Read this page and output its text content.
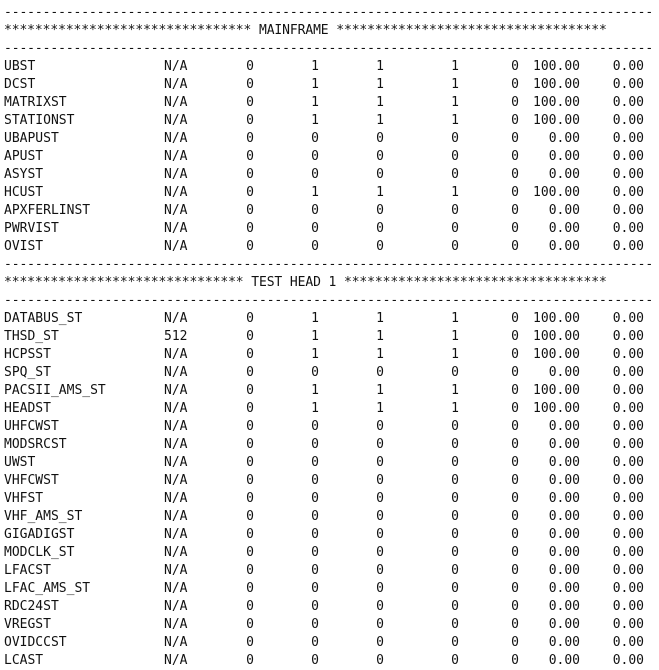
------------------------------------------------------------------------------------
******************************** MAINFRAME ***********************************
------------------------------------------------------------------------------------
UBST	N/A	0	1	1	1	0	100.00	0.00
DCST	N/A	0	1	1	1	0	100.00	0.00
MATRIXST	N/A	0	1	1	1	0	100.00	0.00
STATIONST	N/A	0	1	1	1	0	100.00	0.00
UBAPUST	N/A	0	0	0	0	0	0.00	0.00
APUST	N/A	0	0	0	0	0	0.00	0.00
ASYST	N/A	0	0	0	0	0	0.00	0.00
HCUST	N/A	0	1	1	1	0	100.00	0.00
APXFERLINST	N/A	0	0	0	0	0	0.00	0.00
PWRVIST	N/A	0	0	0	0	0	0.00	0.00
OVIST	N/A	0	0	0	0	0	0.00	0.00
------------------------------------------------------------------------------------
******************************* TEST HEAD 1 **********************************
------------------------------------------------------------------------------------
DATABUS_ST	N/A	0	1	1	1	0	100.00	0.00
THSD_ST	512	0	1	1	1	0	100.00	0.00
HCPSST	N/A	0	1	1	1	0	100.00	0.00
SPQ_ST	N/A	0	0	0	0	0	0.00	0.00
PACSII_AMS_ST	N/A	0	1	1	1	0	100.00	0.00
HEADST	N/A	0	1	1	1	0	100.00	0.00
UHFCWST	N/A	0	0	0	0	0	0.00	0.00
MODSRCST	N/A	0	0	0	0	0	0.00	0.00
UWST	N/A	0	0	0	0	0	0.00	0.00
VHFCWST	N/A	0	0	0	0	0	0.00	0.00
VHFST	N/A	0	0	0	0	0	0.00	0.00
VHF_AMS_ST	N/A	0	0	0	0	0	0.00	0.00
GIGADIGST	N/A	0	0	0	0	0	0.00	0.00
MODCLK_ST	N/A	0	0	0	0	0	0.00	0.00
LFACST	N/A	0	0	0	0	0	0.00	0.00
LFAC_AMS_ST	N/A	0	0	0	0	0	0.00	0.00
RDC24ST	N/A	0	0	0	0	0	0.00	0.00
VREGST	N/A	0	0	0	0	0	0.00	0.00
OVIDCCST	N/A	0	0	0	0	0	0.00	0.00
LCAST	N/A	0	0	0	0	0	0.00	0.00
